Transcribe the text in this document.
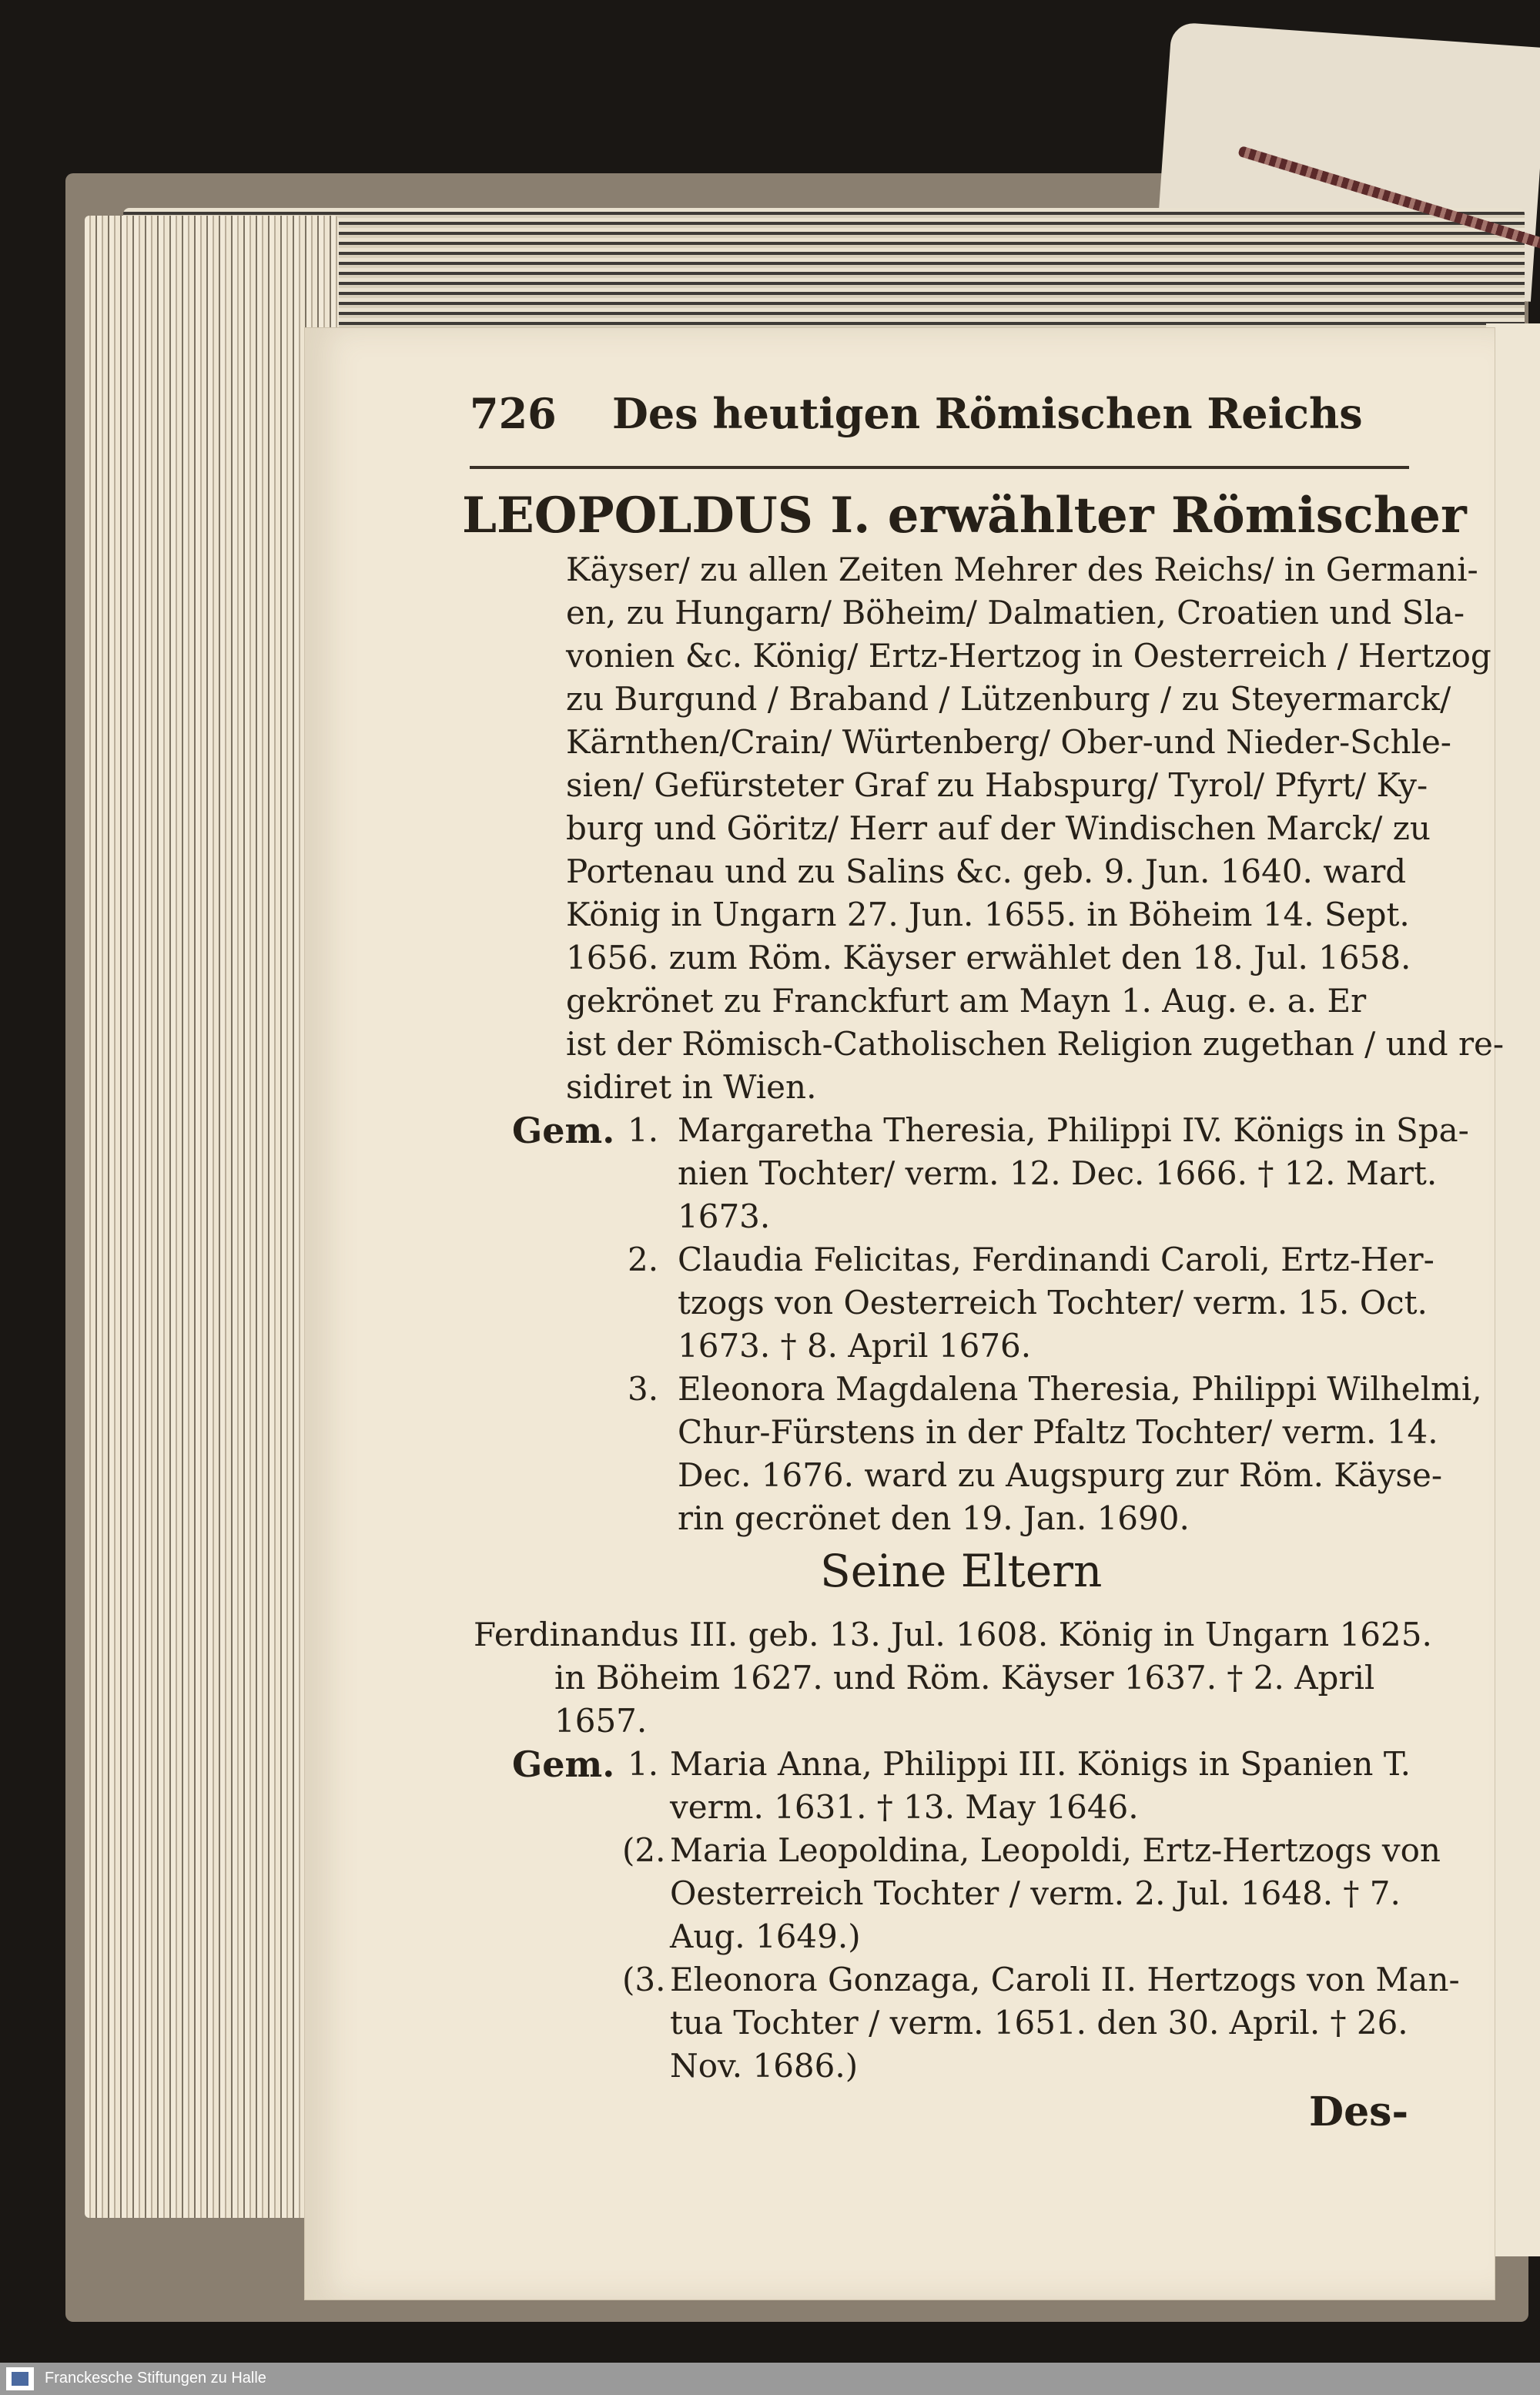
726 Des heutigen Römischen Reichs
LEOPOLDUS I. erwählter Römischer
Käyser/ zu allen Zeiten Mehrer des Reichs/ in Germani-
en, zu Hungarn/ Böheim/ Dalmatien, Croatien und Sla-
vonien &c. König/ Ertz-Hertzog in Oesterreich / Hertzog
zu Burgund / Braband / Lützenburg / zu Steyermarck/
Kärnthen/Crain/ Würtenberg/ Ober-und Nieder-Schle-
sien/ Gefürsteter Graf zu Habspurg/ Tyrol/ Pfyrt/ Ky-
burg und Göritz/ Herr auf der Windischen Marck/ zu
Portenau und zu Salins &c. geb. 9. Jun. 1640. ward
König in Ungarn 27. Jun. 1655. in Böheim 14. Sept.
1656. zum Röm. Käyser erwählet den 18. Jul. 1658.
gekrönet zu Franckfurt am Mayn 1. Aug. e. a. Er
ist der Römisch-Catholischen Religion zugethan / und re-
sidiret in Wien.
Gem. 1. Margaretha Theresia, Philippi IV. Königs in Spa-
nien Tochter/ verm. 12. Dec. 1666. † 12. Mart.
1673.
2. Claudia Felicitas, Ferdinandi Caroli, Ertz-Her-
tzogs von Oesterreich Tochter/ verm. 15. Oct.
1673. † 8. April 1676.
3. Eleonora Magdalena Theresia, Philippi Wilhelmi,
Chur-Fürstens in der Pfaltz Tochter/ verm. 14.
Dec. 1676. ward zu Augspurg zur Röm. Käyse-
rin gecrönet den 19. Jan. 1690.
Seine Eltern
Ferdinandus III. geb. 13. Jul. 1608. König in Ungarn 1625.
in Böheim 1627. und Röm. Käyser 1637. † 2. April
1657.
Gem. 1. Maria Anna, Philippi III. Königs in Spanien T.
verm. 1631. † 13. May 1646.
(2. Maria Leopoldina, Leopoldi, Ertz-Hertzogs von
Oesterreich Tochter / verm. 2. Jul. 1648. † 7.
Aug. 1649.)
(3. Eleonora Gonzaga, Caroli II. Hertzogs von Man-
tua Tochter / verm. 1651. den 30. April. † 26.
Nov. 1686.)
Des-
Franckesche Stiftungen zu Halle
